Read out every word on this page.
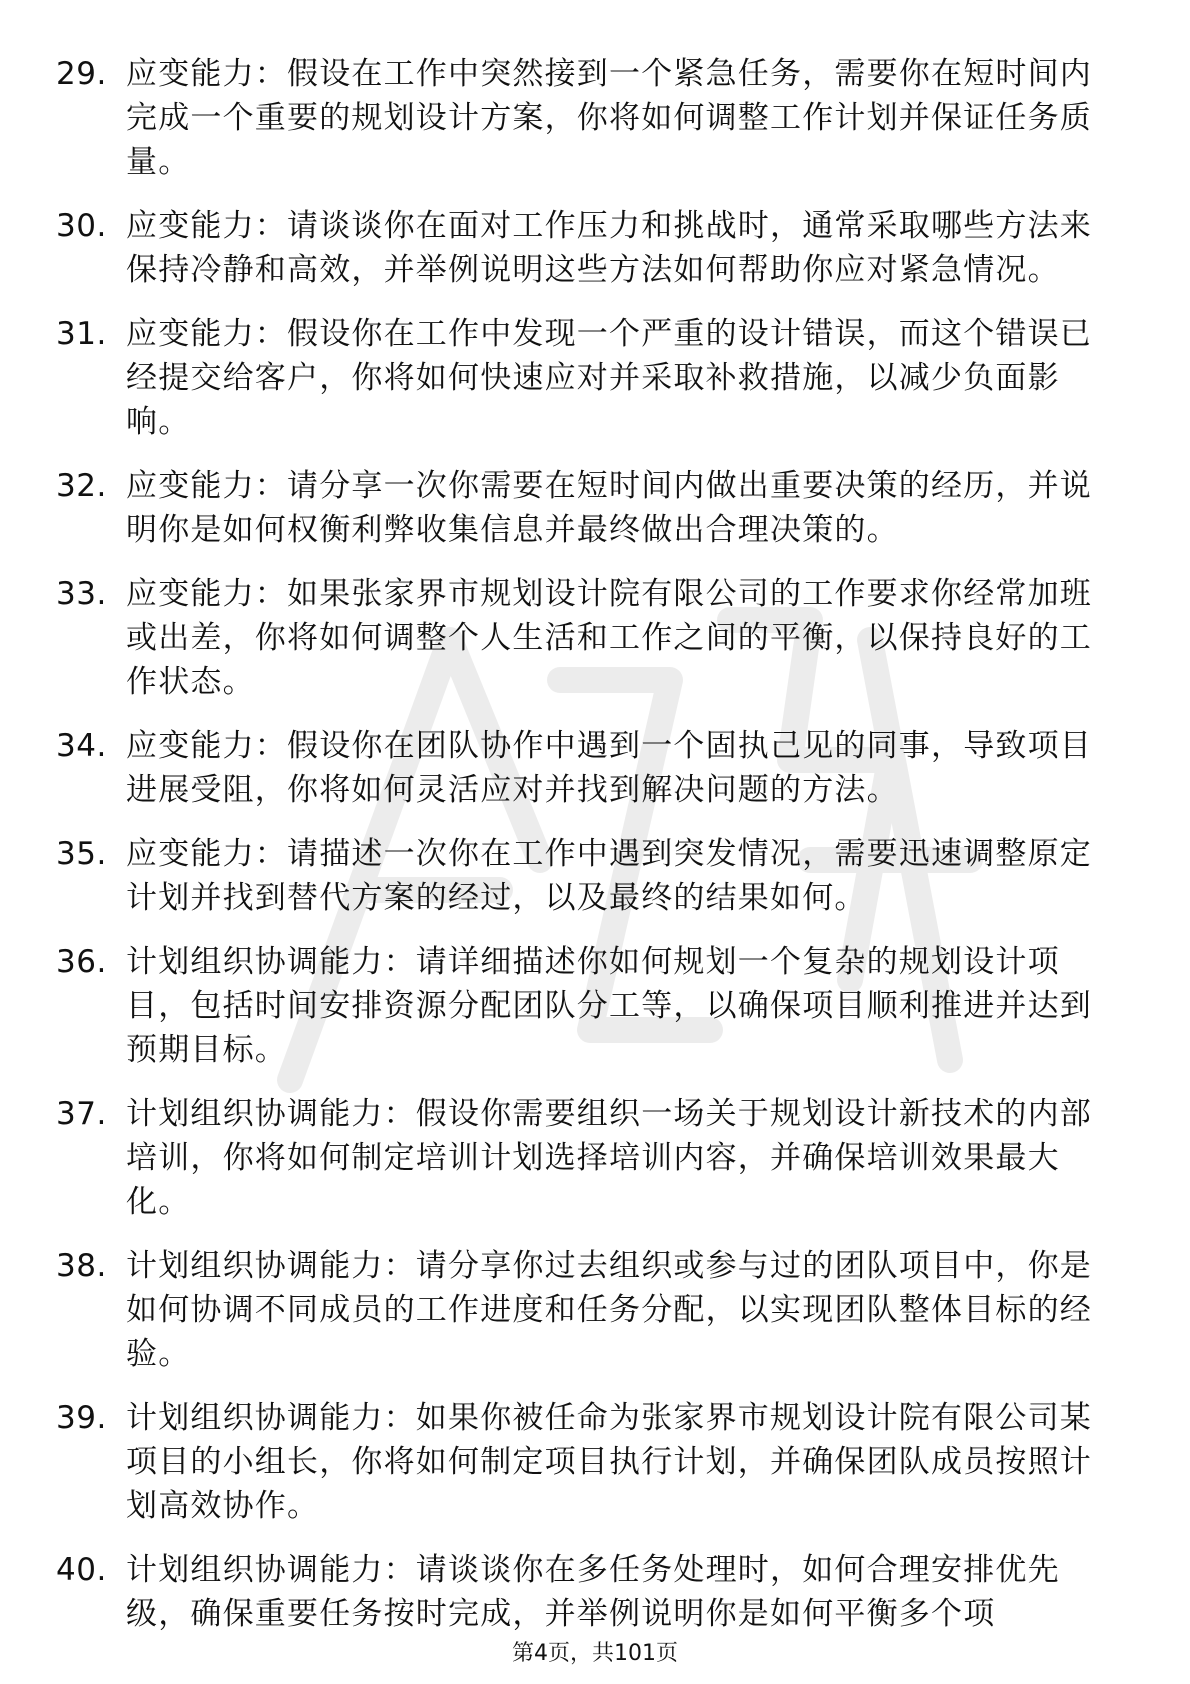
29. 应变能力：假设在工作中突然接到一个紧急任务，需要你在短时间内完成一个重要的规划设计方案，你将如何调整工作计划并保证任务质量。
30. 应变能力：请谈谈你在面对工作压力和挑战时，通常采取哪些方法来保持冷静和高效，并举例说明这些方法如何帮助你应对紧急情况。
31. 应变能力：假设你在工作中发现一个严重的设计错误，而这个错误已经提交给客户，你将如何快速应对并采取补救措施，以减少负面影响。
32. 应变能力：请分享一次你需要在短时间内做出重要决策的经历，并说明你是如何权衡利弊收集信息并最终做出合理决策的。
33. 应变能力：如果张家界市规划设计院有限公司的工作要求你经常加班或出差，你将如何调整个人生活和工作之间的平衡，以保持良好的工作状态。
34. 应变能力：假设你在团队协作中遇到一个固执己见的同事，导致项目进展受阻，你将如何灵活应对并找到解决问题的方法。
35. 应变能力：请描述一次你在工作中遇到突发情况，需要迅速调整原定计划并找到替代方案的经过，以及最终的结果如何。
36. 计划组织协调能力：请详细描述你如何规划一个复杂的规划设计项目，包括时间安排资源分配团队分工等，以确保项目顺利推进并达到预期目标。
37. 计划组织协调能力：假设你需要组织一场关于规划设计新技术的内部培训，你将如何制定培训计划选择培训内容，并确保培训效果最大化。
38. 计划组织协调能力：请分享你过去组织或参与过的团队项目中，你是如何协调不同成员的工作进度和任务分配，以实现团队整体目标的经验。
39. 计划组织协调能力：如果你被任命为张家界市规划设计院有限公司某项目的小组长，你将如何制定项目执行计划，并确保团队成员按照计划高效协作。
40. 计划组织协调能力：请谈谈你在多任务处理时，如何合理安排优先级，确保重要任务按时完成，并举例说明你是如何平衡多个项
第4页，共101页
